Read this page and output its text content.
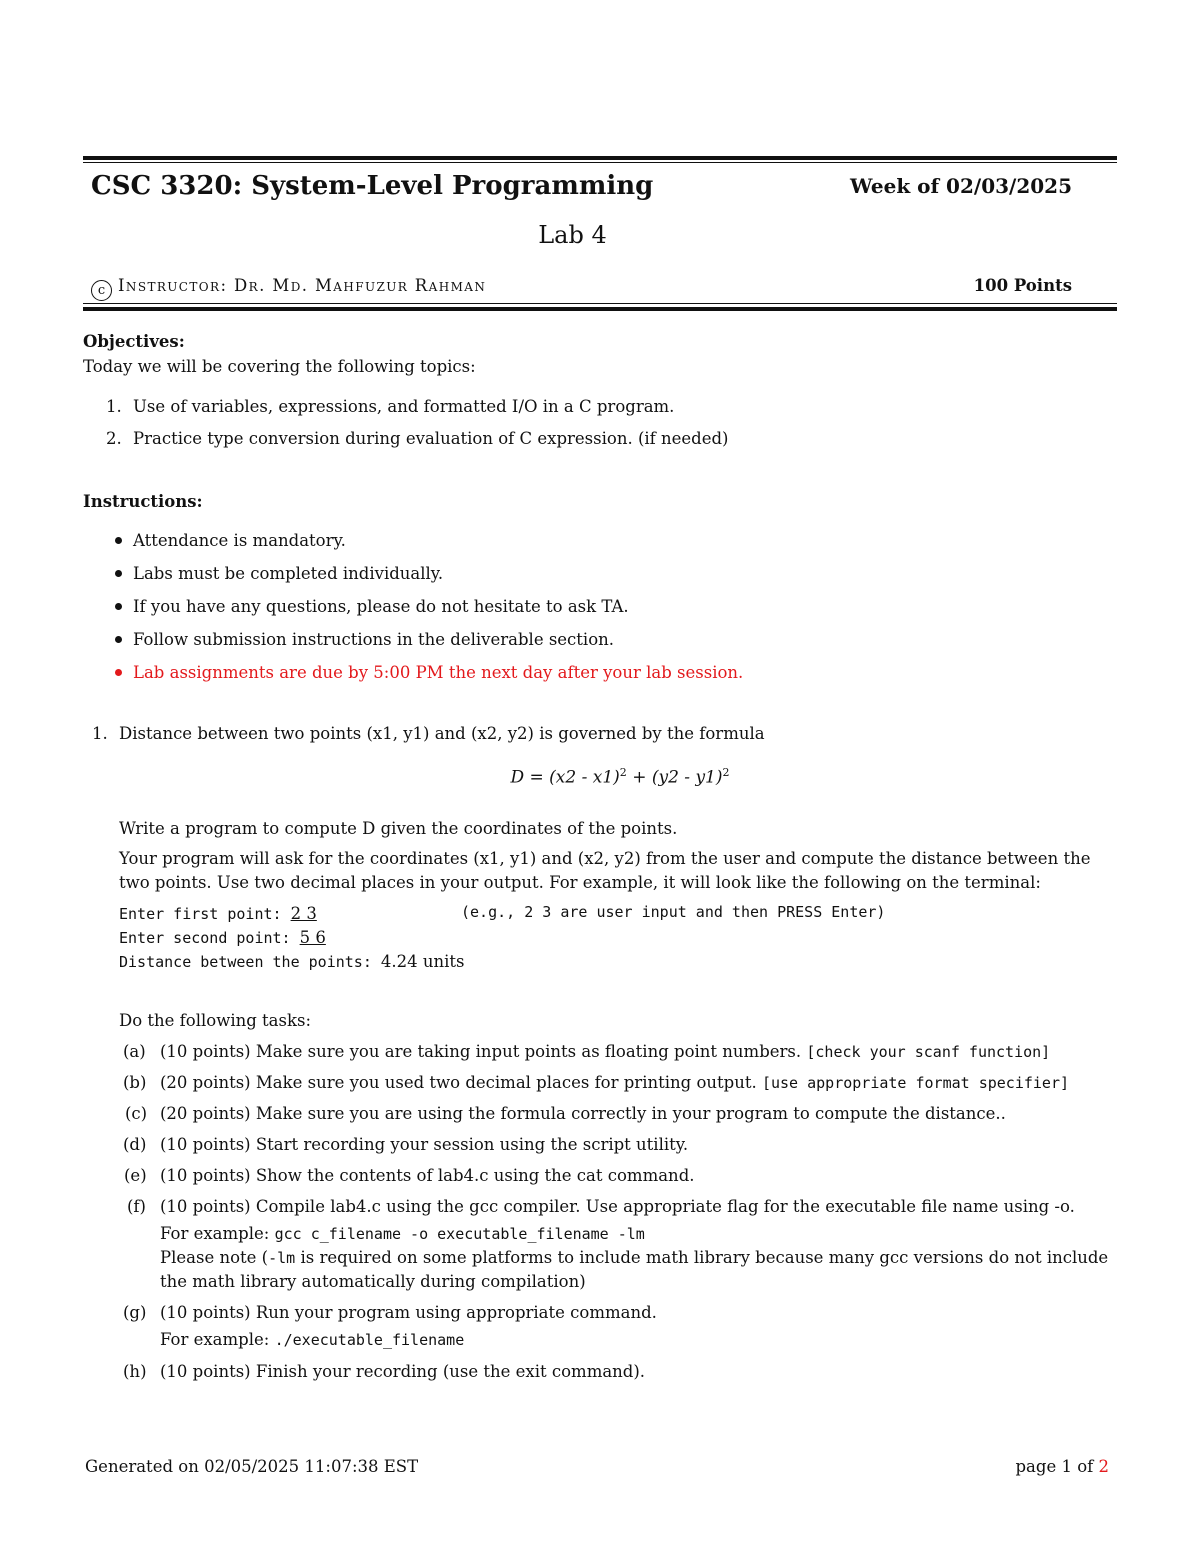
CSC 3320: System-Level Programming	Week of 02/03/2025
Lab 4
c Instructor: Dr. Md. Mahfuzur Rahman	100 Points
Objectives:
Today we will be covering the following topics:
1. Use of variables, expressions, and formatted I/O in a C program.
2. Practice type conversion during evaluation of C expression. (if needed)
Instructions:
Attendance is mandatory.
Labs must be completed individually.
If you have any questions, please do not hesitate to ask TA.
Follow submission instructions in the deliverable section.
Lab assignments are due by 5:00 PM the next day after your lab session.
1. Distance between two points (x1, y1) and (x2, y2) is governed by the formula
D = (x2 - x1)$^2$ + (y2 - y1)$^2$
Write a program to compute D given the coordinates of the points.
Your program will ask for the coordinates (x1, y1) and (x2, y2) from the user and compute the distance between the
two points. Use two decimal places in your output. For example, it will look like the following on the terminal:
Enter first point: 2 3	(e.g., 2 3 are user input and then PRESS Enter)
Enter second point: 5 6
Distance between the points: 4.24 units
Do the following tasks:
(a) (10 points) Make sure you are taking input points as floating point numbers. [check your scanf function]
(b) (20 points) Make sure you used two decimal places for printing output. [use appropriate format specifier]
(c) (20 points) Make sure you are using the formula correctly in your program to compute the distance..
(d) (10 points) Start recording your session using the script utility.
(e) (10 points) Show the contents of lab4.c using the cat command.
(f) (10 points) Compile lab4.c using the gcc compiler. Use appropriate flag for the executable file name using -o.
For example: gcc c_filename -o executable_filename -lm
Please note (-lm is required on some platforms to include math library because many gcc versions do not include
the math library automatically during compilation)
(g) (10 points) Run your program using appropriate command.
For example: ./executable_filename
(h) (10 points) Finish your recording (use the exit command).
Generated on 02/05/2025 11:07:38 EST	page 1 of 2
